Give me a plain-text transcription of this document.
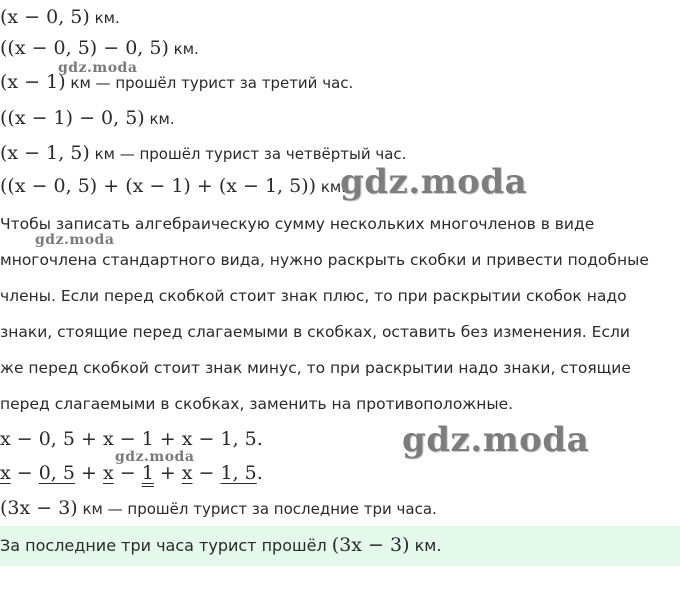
(x − 0, 5) км.
((x − 0, 5) − 0, 5) км.
(x − 1) км — прошёл турист за третий час.
((x − 1) − 0, 5) км.
(x − 1, 5) км — прошёл турист за четвёртый час.
((x − 0, 5) + (x − 1) + (x − 1, 5)) км.
Чтобы записать алгебраическую сумму нескольких многочленов в виде
многочлена стандартного вида, нужно раскрыть скобки и привести подобные
члены. Если перед скобкой стоит знак плюс, то при раскрытии скобок надо
знаки, стоящие перед слагаемыми в скобках, оставить без изменения. Если
же перед скобкой стоит знак минус, то при раскрытии надо знаки, стоящие
перед слагаемыми в скобках, заменить на противоположные.
x − 0, 5 + x − 1 + x − 1, 5.
x − 0, 5 + x − 1 + x − 1, 5.
(3x − 3) км — прошёл турист за последние три часа.
За последние три часа турист прошёл (3x − 3) км.
gdz.moda
gdz.moda
gdz.moda
gdz.moda
gdz.moda
